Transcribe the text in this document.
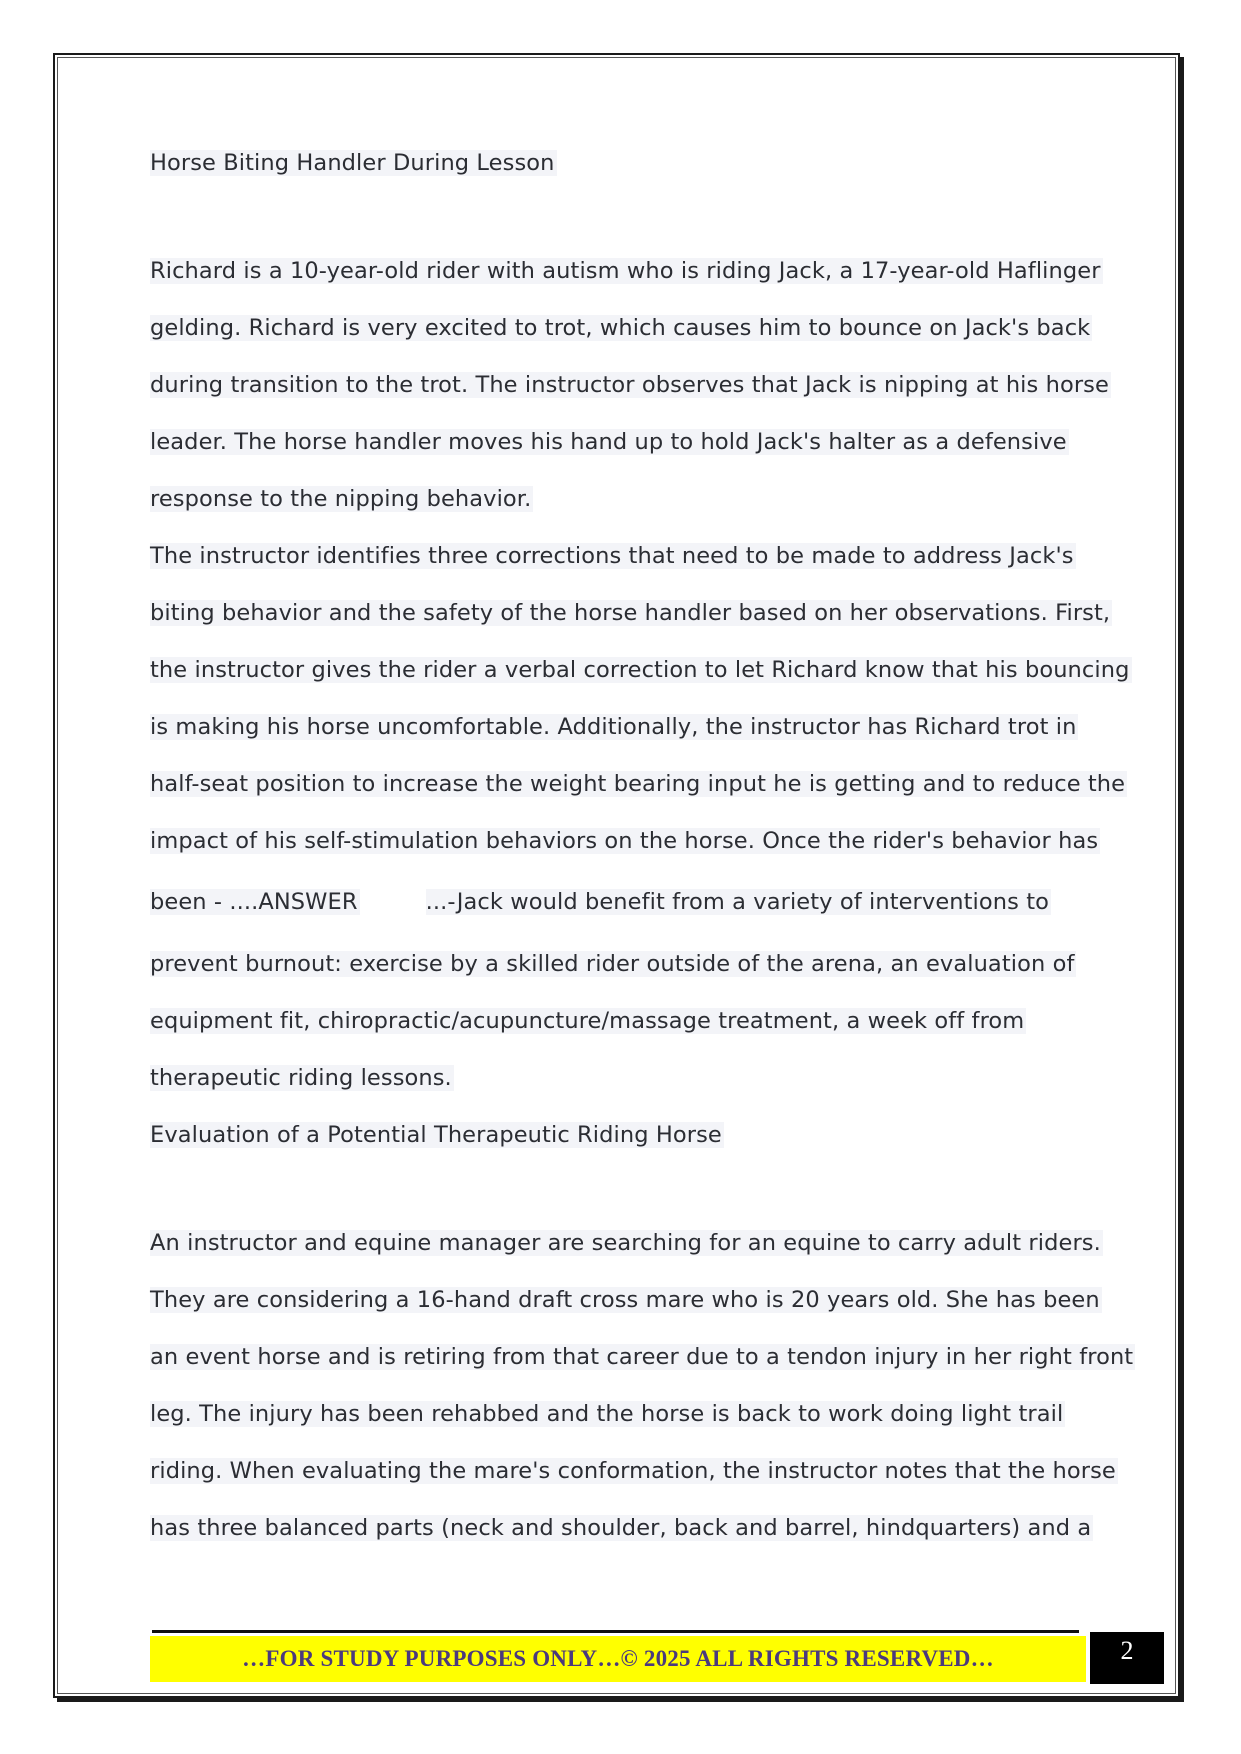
Horse Biting Handler During Lesson
Richard is a 10-year-old rider with autism who is riding Jack, a 17-year-old Haflinger
gelding. Richard is very excited to trot, which causes him to bounce on Jack's back
during transition to the trot. The instructor observes that Jack is nipping at his horse
leader. The horse handler moves his hand up to hold Jack's halter as a defensive
response to the nipping behavior.
The instructor identifies three corrections that need to be made to address Jack's
biting behavior and the safety of the horse handler based on her observations. First,
the instructor gives the rider a verbal correction to let Richard know that his bouncing
is making his horse uncomfortable. Additionally, the instructor has Richard trot in
half-seat position to increase the weight bearing input he is getting and to reduce the
impact of his self-stimulation behaviors on the horse. Once the rider's behavior has
been - ....ANSWER	...-Jack would benefit from a variety of interventions to
prevent burnout: exercise by a skilled rider outside of the arena, an evaluation of
equipment fit, chiropractic/acupuncture/massage treatment, a week off from
therapeutic riding lessons.
Evaluation of a Potential Therapeutic Riding Horse
An instructor and equine manager are searching for an equine to carry adult riders.
They are considering a 16-hand draft cross mare who is 20 years old. She has been
an event horse and is retiring from that career due to a tendon injury in her right front
leg. The injury has been rehabbed and the horse is back to work doing light trail
riding. When evaluating the mare's conformation, the instructor notes that the horse
has three balanced parts (neck and shoulder, back and barrel, hindquarters) and a
…FOR STUDY PURPOSES ONLY…© 2025 ALL RIGHTS RESERVED…	2
